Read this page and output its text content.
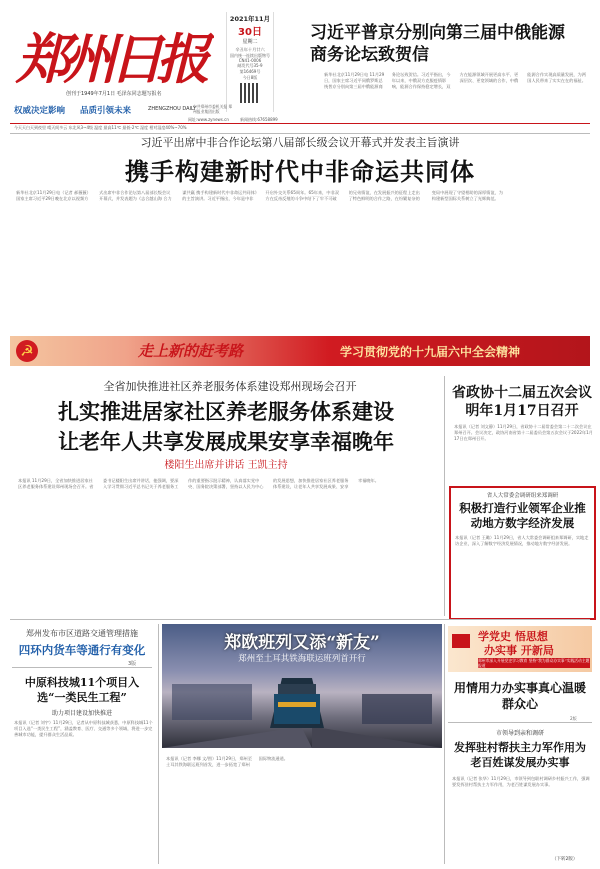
郑州日报
创刊于1949年7月1日 毛泽东同志题写报名
2021年11月
30日
星期二
辛丑年十月廿六
国内统一连续出版物号 CN41-0006
邮发代号35-9
第16469号
今日8版
权威决定影响 品质引领未来	ZHENGZHOU DAILY
中共郑州市委机关报 郑州报业集团出版
网址:www.zynews.cn	新闻热线:67658899
今天天白天到夜里 晴天间多云 东北风3~4级 温度 最高11℃ 最低-2℃ 湿度 相对湿度40%~70%
习近平普京分别向第三届中俄能源商务论坛致贺信
新华社北京11月29日电 11月29日，国家主席习近平同俄罗斯总统普京分别向第三届中俄能源商务论坛致贺信。习近平指出，今年以来，中俄双方克服疫情影响，能源合作保持稳定增长，双方在能源领域开展更高水平、更深层次、更宽领域的合作，中俄能源合作实现高质量发展，为两国人民带来了实实在在的福祉。
习近平出席中非合作论坛第八届部长级会议开幕式并发表主旨演讲
携手构建新时代中非命运共同体
新华社北京11月29日电（记者 郝薇薇）国家主席习近平29日晚在北京以视频方式出席中非合作论坛第八届部长级会议开幕式，并发表题为《志合越山海 合力谋共赢 携手构建新时代中非命运共同体》的主旨演讲。习近平指出，今年是中非开启外交关系65周年。65年来，中非双方在反帝反殖的斗争中结下了牢不可破的兄弟情谊，在发展振兴的征程上走出了特色鲜明的合作之路，在纷繁复杂的变局中展现了守望相助的深厚情谊，为构建新型国际关系树立了光辉典范。
☭	走上新的赶考路	学习贯彻党的十九届六中全会精神
全省加快推进社区养老服务体系建设郑州现场会召开
扎实推进居家社区养老服务体系建设
让老年人共享发展成果安享幸福晚年
楼阳生出席并讲话 王凯主持
本报讯 11月29日，全省加快推进居家社区养老服务体系建设郑州现场会召开。省委书记楼阳生出席并讲话，他强调，要深入学习贯彻习近平总书记关于养老服务工作的重要指示批示精神，认真落实党中央、国务院决策部署，坚持以人民为中心的发展思想，加快推进居家社区养老服务体系建设，让老年人共享发展成果、安享幸福晚年。
省政协十二届五次会议明年1月17日召开
本报讯（记者 刘文静）11月29日，省政协十二届常委会第二十二次会议在郑州召开。会议决定，政协河南省第十二届委员会第五次会议于2022年1月17日在郑州召开。
省人大常委会调研组来郑调研
积极打造行业领军企业推动地方数字经济发展
本报讯（记者 王璐）11月29日，省人大常委会调研组来郑调研，实地走访企业，深入了解数字经济发展情况，推动地方数字经济发展。
郑州发布市区道路交通管理措施
四环内货车等通行有变化
3版
中原科技城11个项目入选“一类民生工程”
助力项目建设加快推进
本报讯（记者 刘宇）11月29日，记者从中原科技城获悉，中原科技城11个项目入选“一类民生工程”，涵盖教育、医疗、交通等多个领域，将进一步完善城市功能，提升群众生活品质。
郑欧班列又添“新友”
郑州至土耳其铁海联运班列首开行
本报讯（记者 李娜 文/图）11月29日，郑州至土耳其铁海联运班列首发，进一步拓宽了郑州国际物流通道。
学党史 悟思想
办实事 开新局
郑州市深入开展党史学习教育 坚持“我为群众办实事”实践活动主题报道
用情用力办实事真心温暖群众心
2版
市领导到亲和调研
发挥驻村帮扶主力军作用为老百姓谋发展办实事
本报讯（记者 张华）11月29日，市领导到包联村调研乡村振兴工作，强调要发挥驻村帮扶主力军作用，为老百姓谋发展办实事。
（下转2版）
